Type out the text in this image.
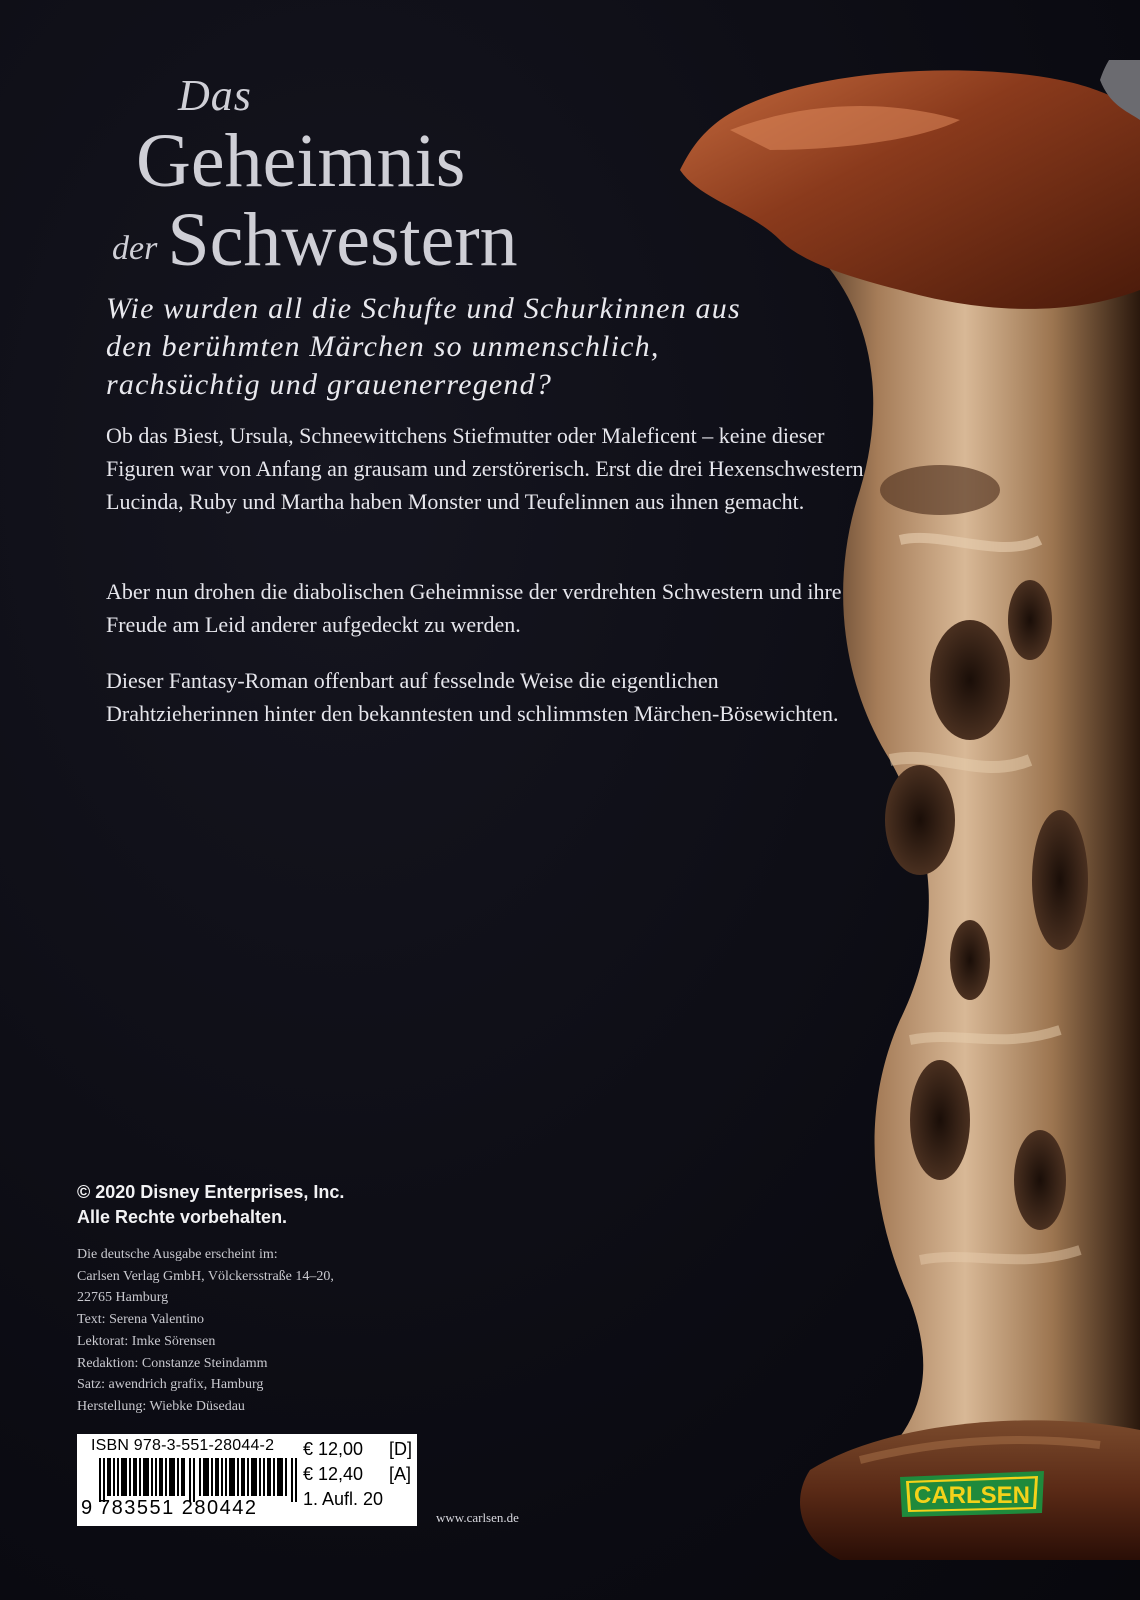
Das
Geheimnis
der Schwestern

Wie wurden all die Schufte und Schurkinnen aus den berühmten Märchen so unmenschlich, rachsüchtig und grauenerregend?

Ob das Biest, Ursula, Schneewittchens Stiefmutter oder Maleficent – keine dieser Figuren war von Anfang an grausam und zerstörerisch. Erst die drei Hexenschwestern Lucinda, Ruby und Martha haben Monster und Teufelinnen aus ihnen gemacht.

Aber nun drohen die diabolischen Geheimnisse der verdrehten Schwestern und ihre Freude am Leid anderer aufgedeckt zu werden.

Dieser Fantasy-Roman offenbart auf fesselnde Weise die eigentlichen Drahtzieherinnen hinter den bekanntesten und schlimmsten Märchen-Bösewichten.

© 2020 Disney Enterprises, Inc.
Alle Rechte vorbehalten.
Die deutsche Ausgabe erscheint im:
Carlsen Verlag GmbH, Völckersstraße 14–20,
22765 Hamburg
Text: Serena Valentino
Lektorat: Imke Sörensen
Redaktion: Constanze Steindamm
Satz: awendrich grafix, Hamburg
Herstellung: Wiebke Düsedau
ISBN 978-3-551-28044-2
9 783551 280442
€ 12,00 [D]
€ 12,40 [A]
1. Aufl. 20
www.carlsen.de
CARLSEN
